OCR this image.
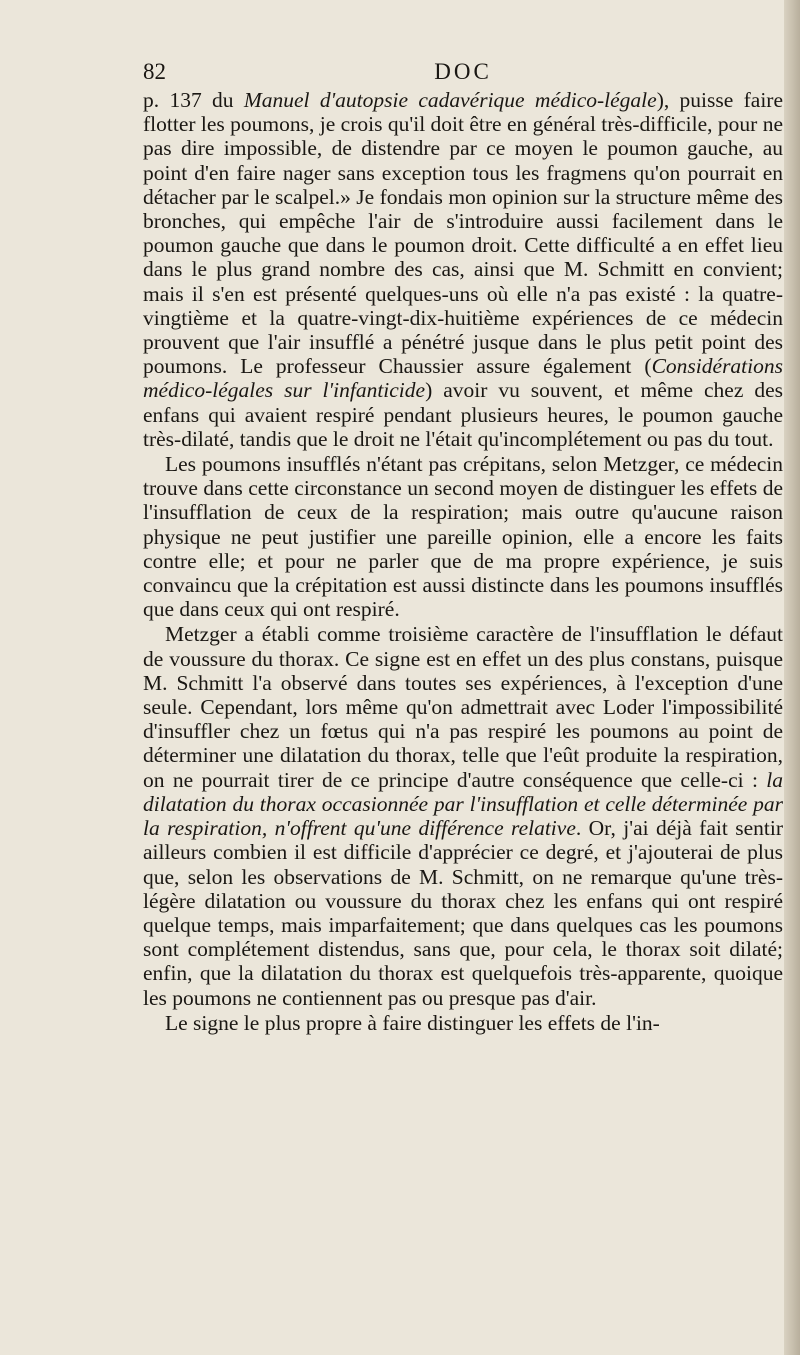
82	DOC

p. 137 du Manuel d'autopsie cadavérique médico-légale), puisse faire flotter les poumons, je crois qu'il doit être en général très-difficile, pour ne pas dire impossible, de distendre par ce moyen le poumon gauche, au point d'en faire nager sans exception tous les fragmens qu'on pourrait en détacher par le scalpel.» Je fondais mon opinion sur la structure même des bronches, qui empêche l'air de s'introduire aussi facilement dans le poumon gauche que dans le poumon droit. Cette difficulté a en effet lieu dans le plus grand nombre des cas, ainsi que M. Schmitt en convient; mais il s'en est présenté quelques-uns où elle n'a pas existé : la quatre-vingtième et la quatre-vingt-dix-huitième expériences de ce médecin prouvent que l'air insufflé a pénétré jusque dans le plus petit point des poumons. Le professeur Chaussier assure également (Considérations médico-légales sur l'infanticide) avoir vu souvent, et même chez des enfans qui avaient respiré pendant plusieurs heures, le poumon gauche très-dilaté, tandis que le droit ne l'était qu'incomplétement ou pas du tout.

Les poumons insufflés n'étant pas crépitans, selon Metzger, ce médecin trouve dans cette circonstance un second moyen de distinguer les effets de l'insufflation de ceux de la respiration; mais outre qu'aucune raison physique ne peut justifier une pareille opinion, elle a encore les faits contre elle; et pour ne parler que de ma propre expérience, je suis convaincu que la crépitation est aussi distincte dans les poumons insufflés que dans ceux qui ont respiré.

Metzger a établi comme troisième caractère de l'insufflation le défaut de voussure du thorax. Ce signe est en effet un des plus constans, puisque M. Schmitt l'a observé dans toutes ses expériences, à l'exception d'une seule. Cependant, lors même qu'on admettrait avec Loder l'impossibilité d'insuffler chez un fœtus qui n'a pas respiré les poumons au point de déterminer une dilatation du thorax, telle que l'eût produite la respiration, on ne pourrait tirer de ce principe d'autre conséquence que celle-ci : la dilatation du thorax occasionnée par l'insufflation et celle déterminée par la respiration, n'offrent qu'une différence relative. Or, j'ai déjà fait sentir ailleurs combien il est difficile d'apprécier ce degré, et j'ajouterai de plus que, selon les observations de M. Schmitt, on ne remarque qu'une très-légère dilatation ou voussure du thorax chez les enfans qui ont respiré quelque temps, mais imparfaitement; que dans quelques cas les poumons sont complétement distendus, sans que, pour cela, le thorax soit dilaté; enfin, que la dilatation du thorax est quelquefois très-apparente, quoique les poumons ne contiennent pas ou presque pas d'air.

Le signe le plus propre à faire distinguer les effets de l'in-
